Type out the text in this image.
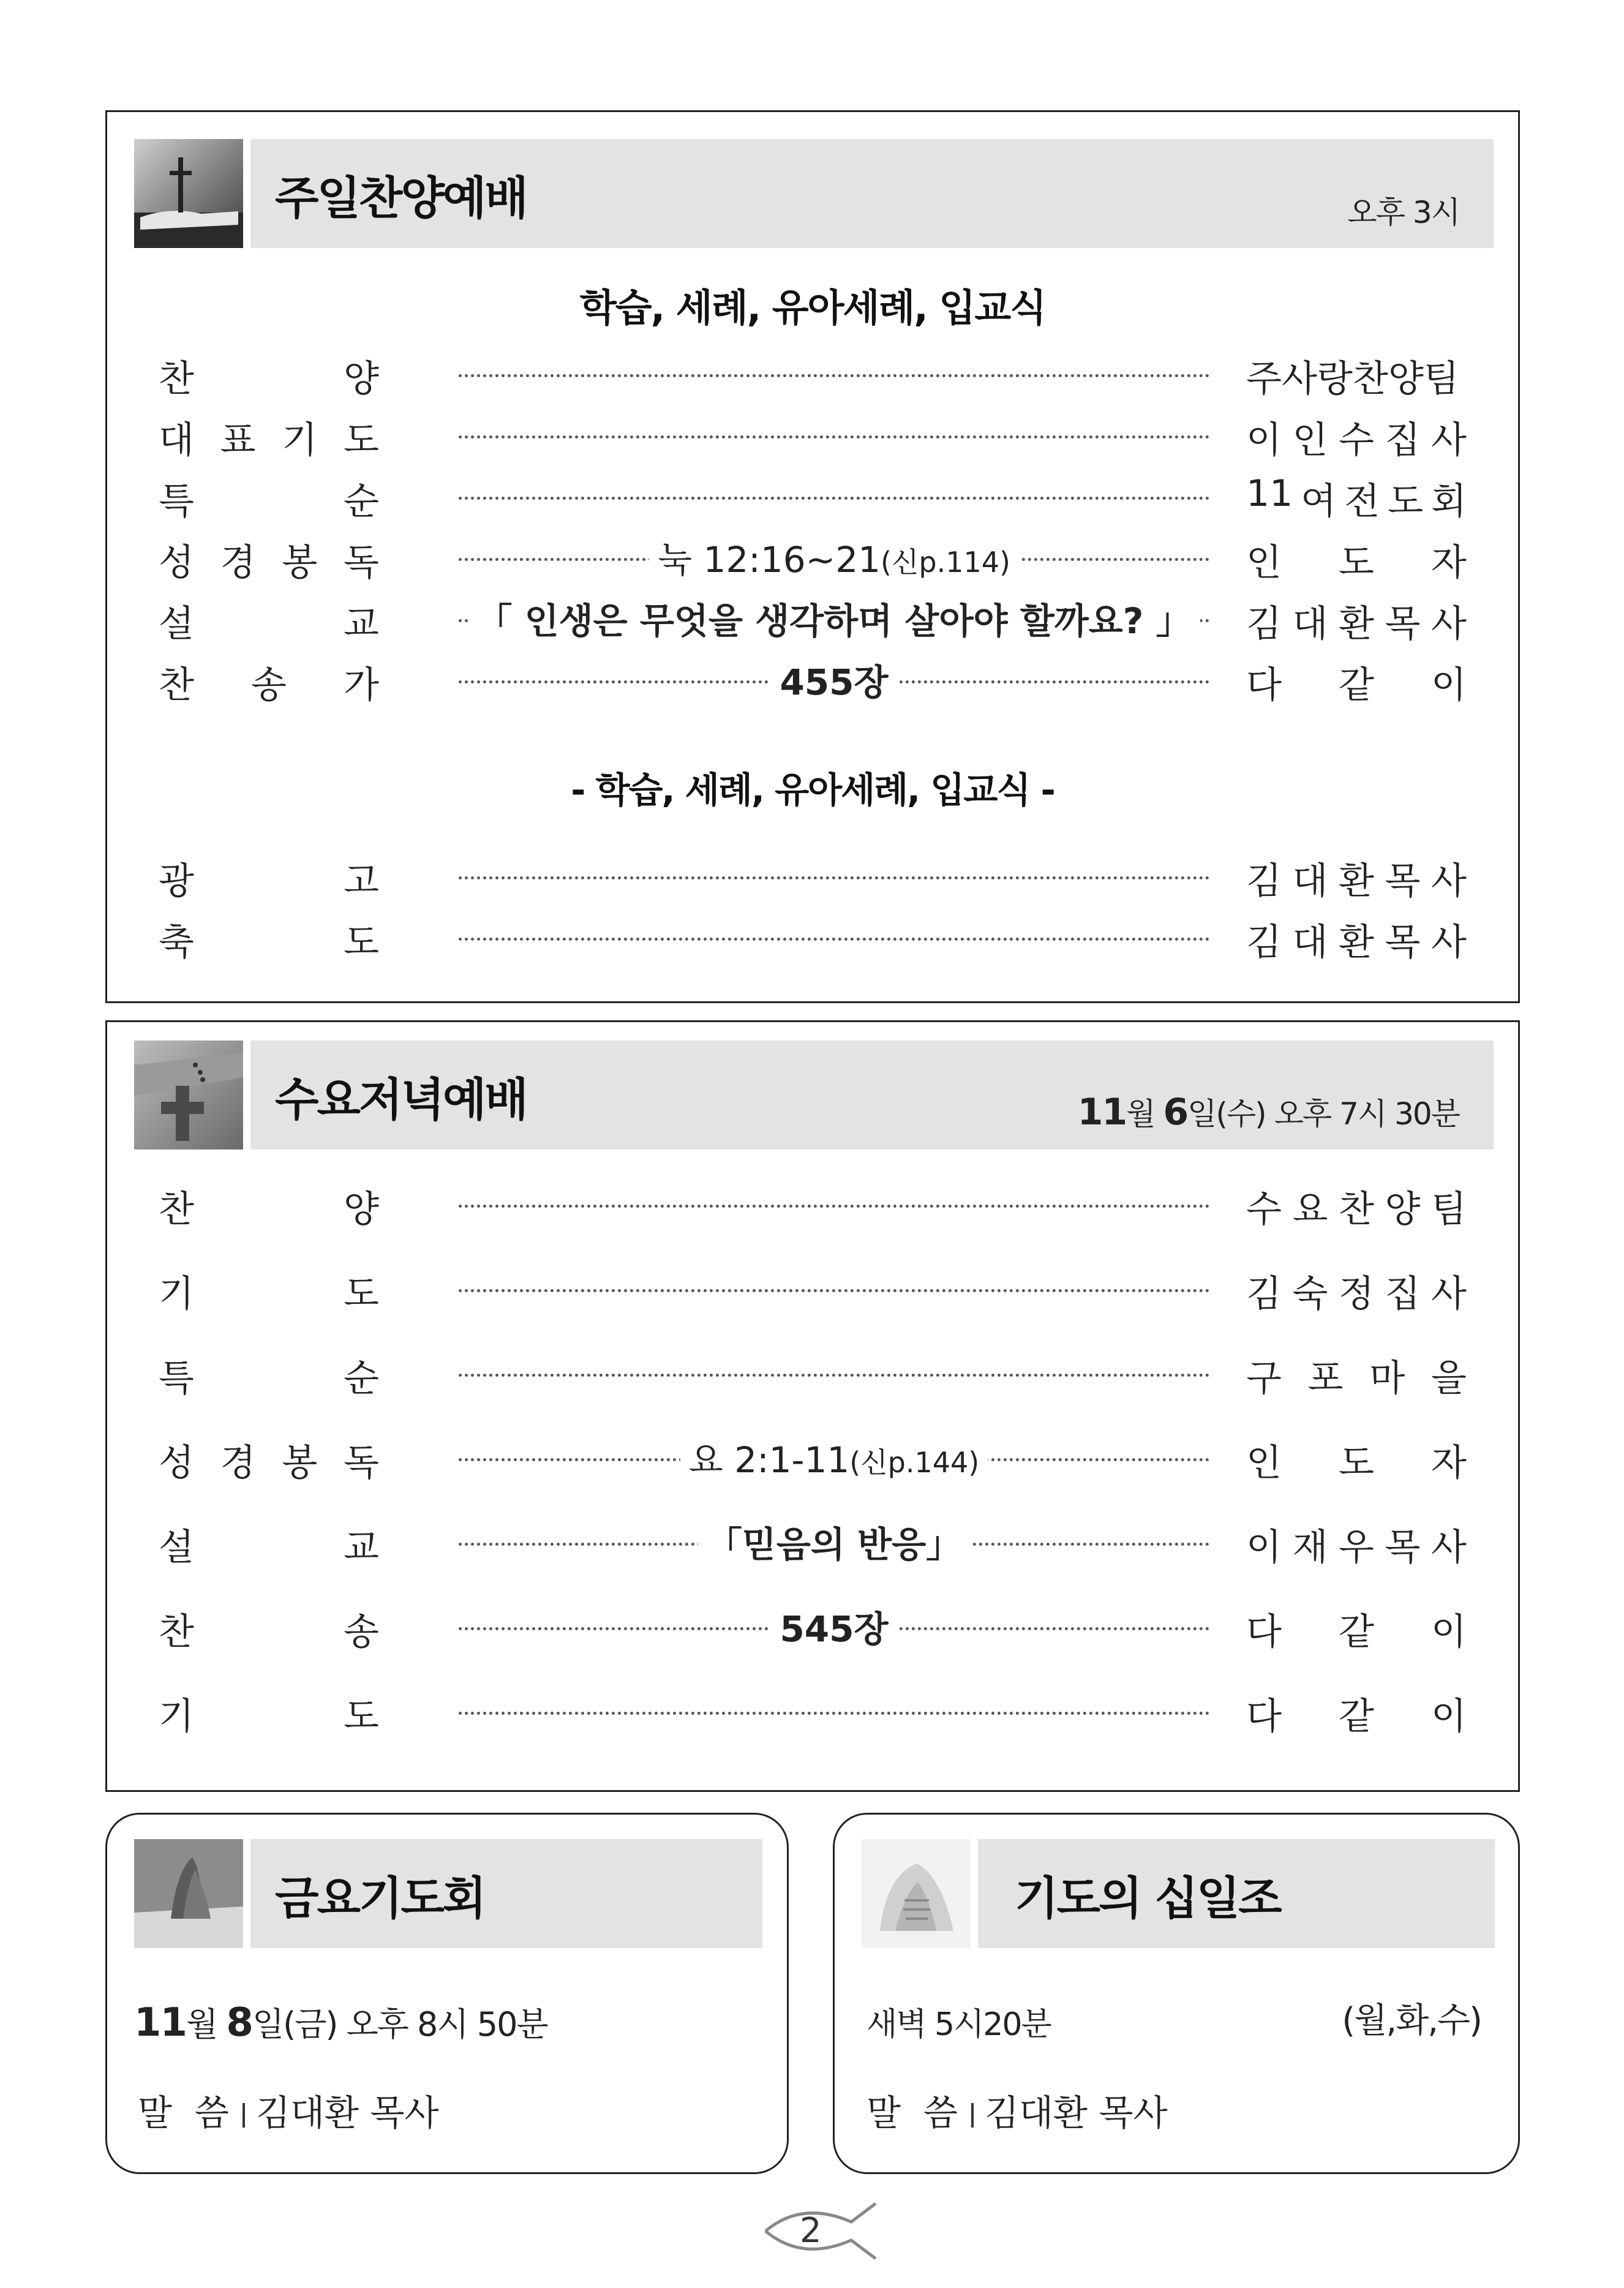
주일찬양예배	오후 3시
학습, 세례, 유아세례, 입교식
찬	양	주사랑찬양팀
대 표 기 도	이 인 수 집 사
특	순	11 여 전 도 회
성 경 봉 독	눅 12:16~21(신p.114)	인 도 자
설	교	「 인생은 무엇을 생각하며 살아야 할까요? 」	김 대 환 목 사
찬 송 가	455장	다 같 이
- 학습, 세례, 유아세례, 입교식 -
광	고	김 대 환 목 사
축	도	김 대 환 목 사
수요저녁예배	11월 6일(수) 오후 7시 30분
찬	양	수 요 찬 양 팀
기	도	김 숙 정 집 사
특	순	구 포 마 을
성 경 봉 독	요 2:1-11(신p.144)	인 도 자
설	교	「믿음의 반응」	이 재 우 목 사
찬	송	545장	다 같 이
기	도	다 같 이
금요기도회
11월 8일(금) 오후 8시 50분
말  씀 김대환 목사
기도의 십일조
새벽 5시20분	(월,화,수)
말  씀 김대환 목사
2
